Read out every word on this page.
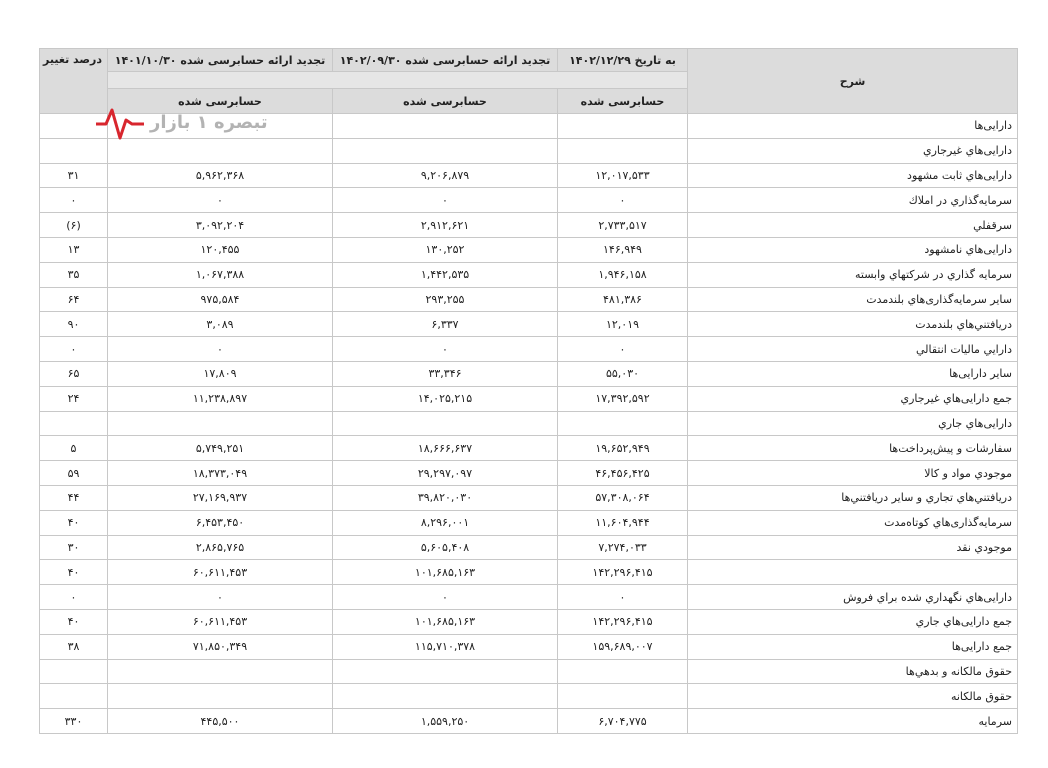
شرح	به تاریخ ۱۴۰۲/۱۲/۲۹	تجدید ارائه حسابرسی شده ۱۴۰۲/۰۹/۳۰	تجدید ارائه حسابرسی شده ۱۴۰۱/۱۰/۳۰	درصد تغییر

	حسابرسی شده	حسابرسی شده	حسابرسی شده	
دارایی‌ها				
دارایی‌هاي غیرجاري				
دارایی‌هاي ثابت مشهود	۱۲,۰۱۷,۵۳۳	۹,۲۰۶,۸۷۹	۵,۹۶۲,۳۶۸	۳۱
سرمایه‌گذاري در املاك	۰	۰	۰	۰
سرقفلي	۲,۷۳۳,۵۱۷	۲,۹۱۲,۶۲۱	۳,۰۹۲,۲۰۴	(۶)
دارایی‌هاي نامشهود	۱۴۶,۹۴۹	۱۳۰,۲۵۲	۱۲۰,۴۵۵	۱۳
سرمایه گذاري در شرکتهاي وابسته	۱,۹۴۶,۱۵۸	۱,۴۴۲,۵۳۵	۱,۰۶۷,۳۸۸	۳۵
سایر سرمایه‌گذاری‌هاي بلندمدت	۴۸۱,۳۸۶	۲۹۳,۲۵۵	۹۷۵,۵۸۴	۶۴
دریافتني‌هاي بلندمدت	۱۲,۰۱۹	۶,۳۳۷	۳,۰۸۹	۹۰
دارایي ماليات انتقالي	۰	۰	۰	۰
سایر دارایی‌ها	۵۵,۰۳۰	۳۳,۳۴۶	۱۷,۸۰۹	۶۵
جمع دارایی‌هاي غیرجاري	۱۷,۳۹۲,۵۹۲	۱۴,۰۲۵,۲۱۵	۱۱,۲۳۸,۸۹۷	۲۴
دارایی‌هاي جاري				
سفارشات و پیش‌پرداخت‌ها	۱۹,۶۵۲,۹۴۹	۱۸,۶۶۶,۶۳۷	۵,۷۴۹,۲۵۱	۵
موجودي مواد و كالا	۴۶,۴۵۶,۴۲۵	۲۹,۲۹۷,۰۹۷	۱۸,۳۷۳,۰۴۹	۵۹
دریافتني‌هاي تجاري و سایر دریافتني‌ها	۵۷,۳۰۸,۰۶۴	۳۹,۸۲۰,۰۳۰	۲۷,۱۶۹,۹۳۷	۴۴
سرمایه‌گذاری‌هاي كوتاه‌مدت	۱۱,۶۰۴,۹۴۴	۸,۲۹۶,۰۰۱	۶,۴۵۳,۴۵۰	۴۰
موجودي نقد	۷,۲۷۴,۰۳۳	۵,۶۰۵,۴۰۸	۲,۸۶۵,۷۶۵	۳۰
	۱۴۲,۲۹۶,۴۱۵	۱۰۱,۶۸۵,۱۶۳	۶۰,۶۱۱,۴۵۳	۴۰
دارایی‌هاي نگهداري شده براي فروش	۰	۰	۰	۰
جمع دارایی‌هاي جاري	۱۴۲,۲۹۶,۴۱۵	۱۰۱,۶۸۵,۱۶۳	۶۰,۶۱۱,۴۵۳	۴۰
جمع دارایی‌ها	۱۵۹,۶۸۹,۰۰۷	۱۱۵,۷۱۰,۳۷۸	۷۱,۸۵۰,۳۴۹	۳۸
حقوق مالكانه و بدهي‌ها				
حقوق مالكانه				
سرمایه	۶,۷۰۴,۷۷۵	۱,۵۵۹,۲۵۰	۴۴۵,۵۰۰	۳۳۰
تبصره ۱ بازار
